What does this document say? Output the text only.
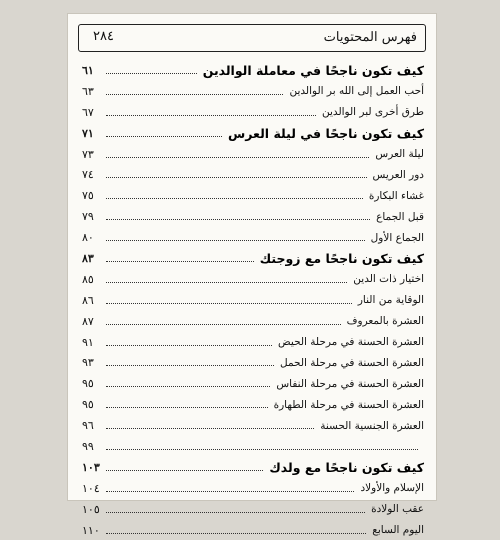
فهرس المحتويات
٢٨٤
كيف تكون ناجحًا في معاملة الوالدين
٦١
أحب العمل إلى الله بر الوالدين
٦٣
طرق أخرى لبر الوالدين
٦٧
كيف تكون ناجحًا في ليلة العرس
٧١
ليلة العرس
٧٣
دور العريس
٧٤
غشاء البكارة
٧٥
قبل الجماع
٧٩
الجماع الأول
٨٠
كيف تكون ناجحًا مع زوجتك
٨٣
اختيار ذات الدين
٨٥
الوقاية من النار
٨٦
العشرة بالمعروف
٨٧
العشرة الحسنة في مرحلة الحيض
٩١
العشرة الحسنة في مرحلة الحمل
٩٣
العشرة الحسنة في مرحلة النفاس
٩٥
العشرة الحسنة في مرحلة الطهارة
٩٥
العشرة الجنسية الحسنة
٩٦
٩٩
كيف تكون ناجحًا مع ولدك
١٠٣
الإسلام والأولاد
١٠٤
عقب الولادة
١٠٥
اليوم السابع
١١٠
